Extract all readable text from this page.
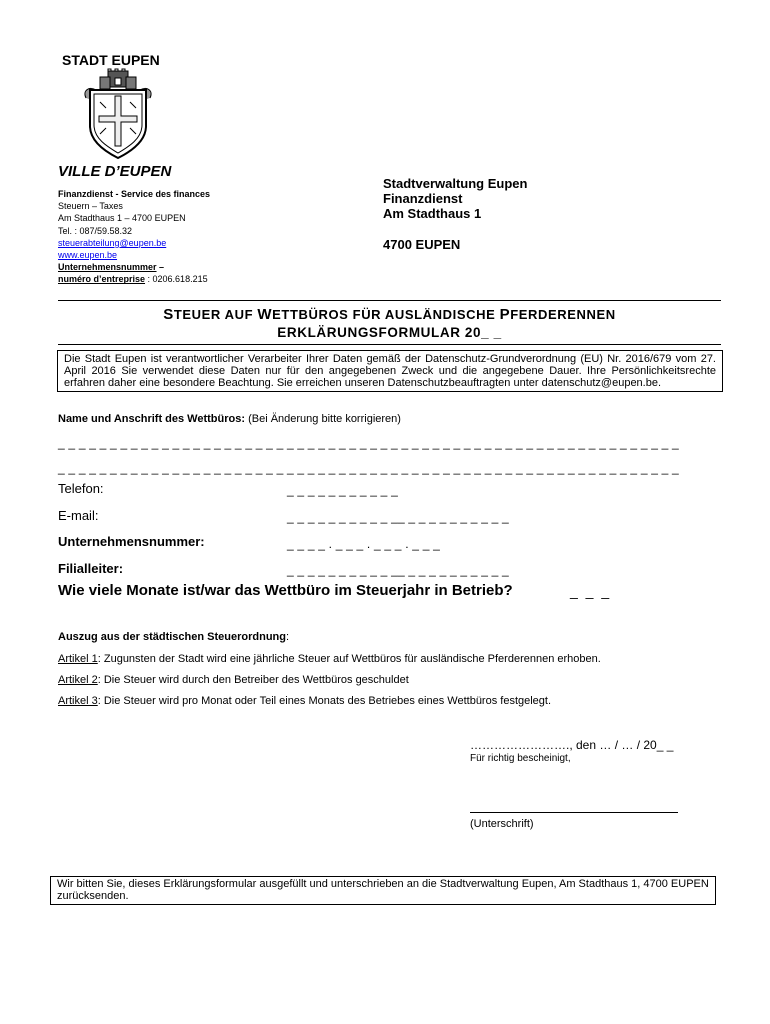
STADT EUPEN
VILLE D’EUPEN
Finanzdienst - Service des finances
Steuern – Taxes
Am Stadthaus 1 – 4700 EUPEN
Tel. : 087/59.58.32
steuerabteilung@eupen.be
www.eupen.be
Unternehmensnummer –
numéro d’entreprise : 0206.618.215
Stadtverwaltung Eupen
Finanzdienst
Am Stadthaus 1
4700 EUPEN
STEUER AUF WETTBÜROS FÜR AUSLÄNDISCHE PFERDERENNEN
ERKLÄRUNGSFORMULAR 20_ _
Die Stadt Eupen ist verantwortlicher Verarbeiter Ihrer Daten gemäß der Datenschutz-Grundverordnung (EU) Nr. 2016/679 vom 27. April 2016 Sie verwendet diese Daten nur für den angegebenen Zweck und die angegebene Dauer. Ihre Persönlichkeitsrechte erfahren daher eine besondere Beachtung. Sie erreichen unseren Datenschutzbeauftragten unter datenschutz@eupen.be.
Name und Anschrift des Wettbüros: (Bei Änderung bitte korrigieren)
_ _ _ _ _ _ _ _ _ _ _ _ _ _ _ _ _ _ _ _ _ _ _ _ _ _ _ _ _ _ _ _ _ _ _ _ _ _ _ _ _ _ _ _ _ _ _ _ _ _ _ _ _ _ _ _ _ _ _ _
_ _ _ _ _ _ _ _ _ _ _ _ _ _ _ _ _ _ _ _ _ _ _ _ _ _ _ _ _ _ _ _ _ _ _ _ _ _ _ _ _ _ _ _ _ _ _ _ _ _ _ _ _ _ _ _ _ _ _ _
Telefon:	_ _ _ _ _ _ _ _ _ _ _
E-mail:	_ _ _ _ _ _ _ _ _ _ __ _ _ _ _ _ _ _ _ _ _
Unternehmensnummer:	_ _ _ _ . _ _ _ . _ _ _ . _ _ _
Filialleiter:	_ _ _ _ _ _ _ _ _ _ __ _ _ _ _ _ _ _ _ _ _
Wie viele Monate ist/war das Wettbüro im Steuerjahr in Betrieb?	_ _ _
Auszug aus der städtischen Steuerordnung:
Artikel 1: Zugunsten der Stadt wird eine jährliche Steuer auf Wettbüros für ausländische Pferderennen erhoben.
Artikel 2: Die Steuer wird durch den Betreiber des Wettbüros geschuldet
Artikel 3: Die Steuer wird pro Monat oder Teil eines Monats des Betriebes eines Wettbüros festgelegt.
……………………., den … / … / 20_ _
Für richtig bescheinigt,
(Unterschrift)
Wir bitten Sie, dieses Erklärungsformular ausgefüllt und unterschrieben an die Stadtverwaltung Eupen, Am Stadthaus 1, 4700 EUPEN zurücksenden.
